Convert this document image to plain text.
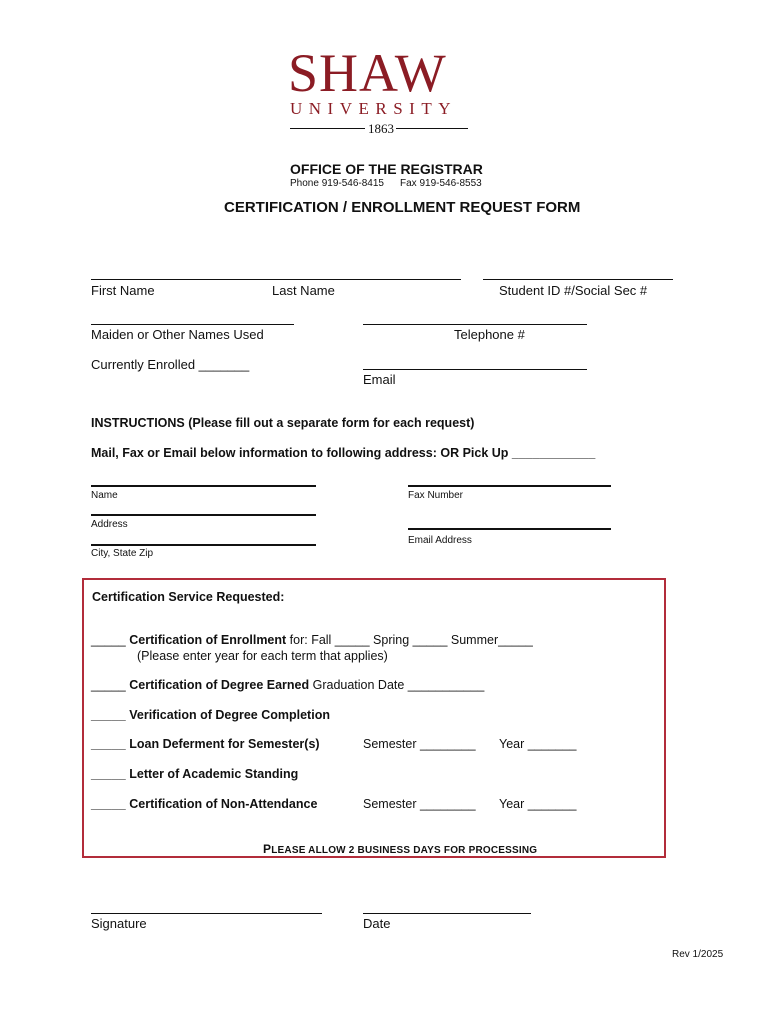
SHAW
UNIVERSITY
1863
OFFICE OF THE REGISTRAR
Phone 919-546-8415 Fax 919-546-8553
CERTIFICATION / ENROLLMENT REQUEST FORM
First Name	Last Name	Student ID #/Social Sec #
Maiden or Other Names Used	Telephone #
Currently Enrolled _______
Email
INSTRUCTIONS (Please fill out a separate form for each request)
Mail, Fax or Email below information to following address: OR Pick Up ____________
Name	Fax Number
Address
Email Address
City, State Zip
Certification Service Requested:
_____ Certification of Enrollment for: Fall _____ Spring _____ Summer_____
(Please enter year for each term that applies)
_____ Certification of Degree Earned Graduation Date ___________
_____ Verification of Degree Completion
_____ Loan Deferment for Semester(s)	Semester ________ Year _______
_____ Letter of Academic Standing
_____ Certification of Non-Attendance	Semester ________ Year _______
PLEASE ALLOW 2 BUSINESS DAYS FOR PROCESSING
Signature	Date
Rev 1/2025
